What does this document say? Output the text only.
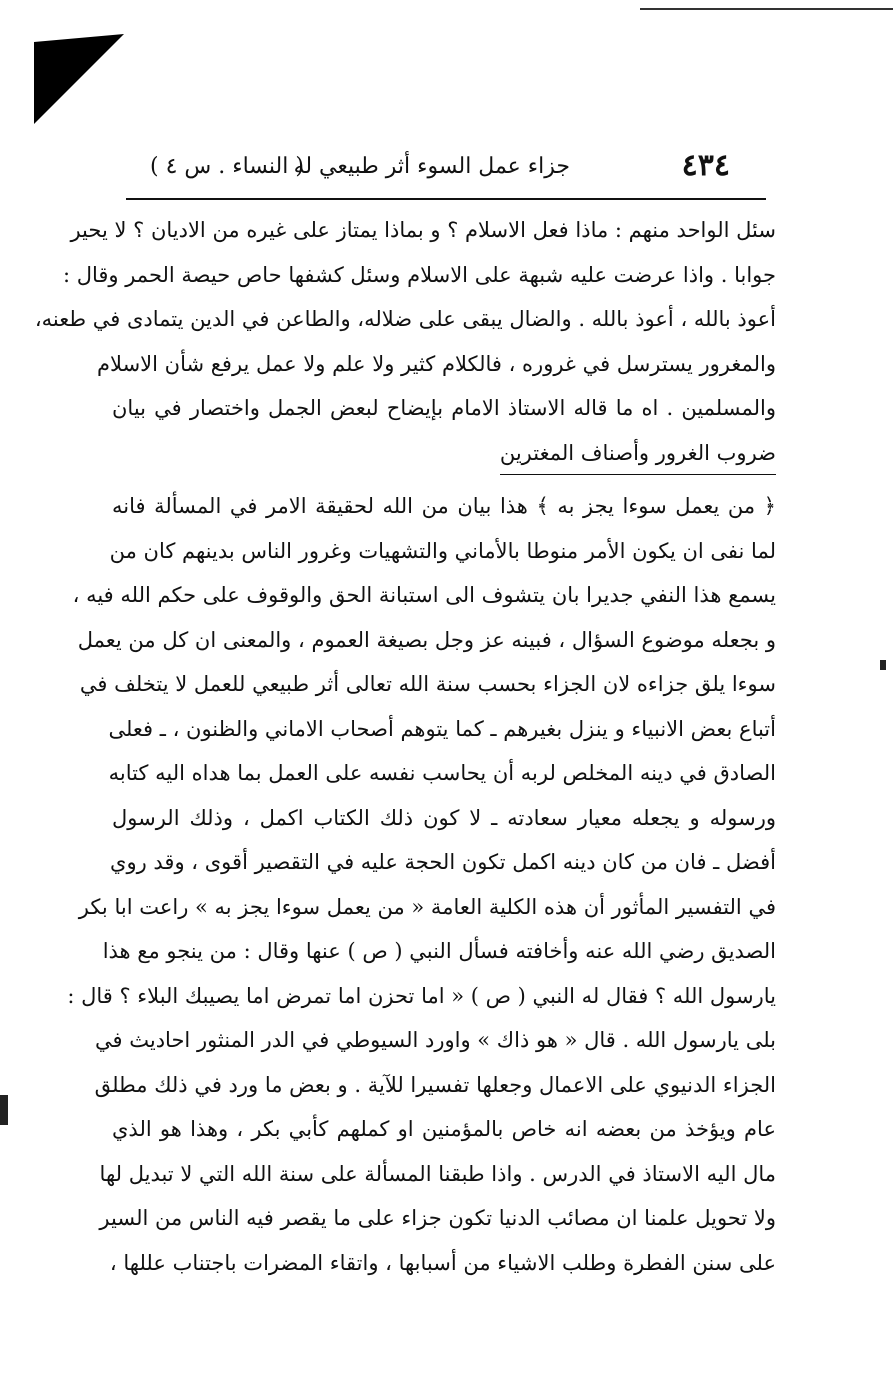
٤٣٤
جزاء عمل السوء أثر طبيعي له
( النساء . س ٤ )
سئل الواحد منهم : ماذا فعل الاسلام ؟ و بماذا يمتاز على غيره من الاديان ؟ لا يحير
جوابا . واذا عرضت عليه شبهة على الاسلام وسئل كشفها حاص حيصة الحمر وقال :
أعوذ بالله ، أعوذ بالله . والضال يبقى على ضلاله، والطاعن في الدين يتمادى في طعنه،
والمغرور يسترسل في غروره ، فالكلام كثير ولا علم ولا عمل يرفع شأن الاسلام
والمسلمين . اه ما قاله الاستاذ الامام بإيضاح لبعض الجمل واختصار في بيان
ضروب الغرور وأصناف المغترين
﴿ من يعمل سوءا يجز به ﴾ هذا بيان من الله لحقيقة الامر في المسألة فانه
لما نفى ان يكون الأمر منوطا بالأماني والتشهيات وغرور الناس بدينهم كان من
يسمع هذا النفي جديرا بان يتشوف الى استبانة الحق والوقوف على حكم الله فيه ،
و بجعله موضوع السؤال ، فبينه عز وجل بصيغة العموم ، والمعنى ان كل من يعمل
سوءا يلق جزاءه لان الجزاء بحسب سنة الله تعالى أثر طبيعي للعمل لا يتخلف في
أتباع بعض الانبياء و ينزل بغيرهم ـ كما يتوهم أصحاب الاماني والظنون ، ـ فعلى
الصادق في دينه المخلص لربه أن يحاسب نفسه على العمل بما هداه اليه كتابه
ورسوله و يجعله معيار سعادته ـ لا كون ذلك الكتاب اكمل ، وذلك الرسول
أفضل ـ فان من كان دينه اكمل تكون الحجة عليه في التقصير أقوى ، وقد روي
في التفسير المأثور أن هذه الكلية العامة « من يعمل سوءا يجز به » راعت ابا بكر
الصديق رضي الله عنه وأخافته فسأل النبي ( ص ) عنها وقال : من ينجو مع هذا
يارسول الله ؟ فقال له النبي ( ص ) « اما تحزن اما تمرض اما يصيبك البلاء ؟ قال :
بلى يارسول الله . قال « هو ذاك » واورد السيوطي في الدر المنثور احاديث في
الجزاء الدنيوي على الاعمال وجعلها تفسيرا للآية . و بعض ما ورد في ذلك مطلق
عام ويؤخذ من بعضه انه خاص بالمؤمنين او كملهم كأبي بكر ، وهذا هو الذي
مال اليه الاستاذ في الدرس . واذا طبقنا المسألة على سنة الله التي لا تبديل لها
ولا تحويل علمنا ان مصائب الدنيا تكون جزاء على ما يقصر فيه الناس من السير
على سنن الفطرة وطلب الاشياء من أسبابها ، واتقاء المضرات باجتناب عللها ،
